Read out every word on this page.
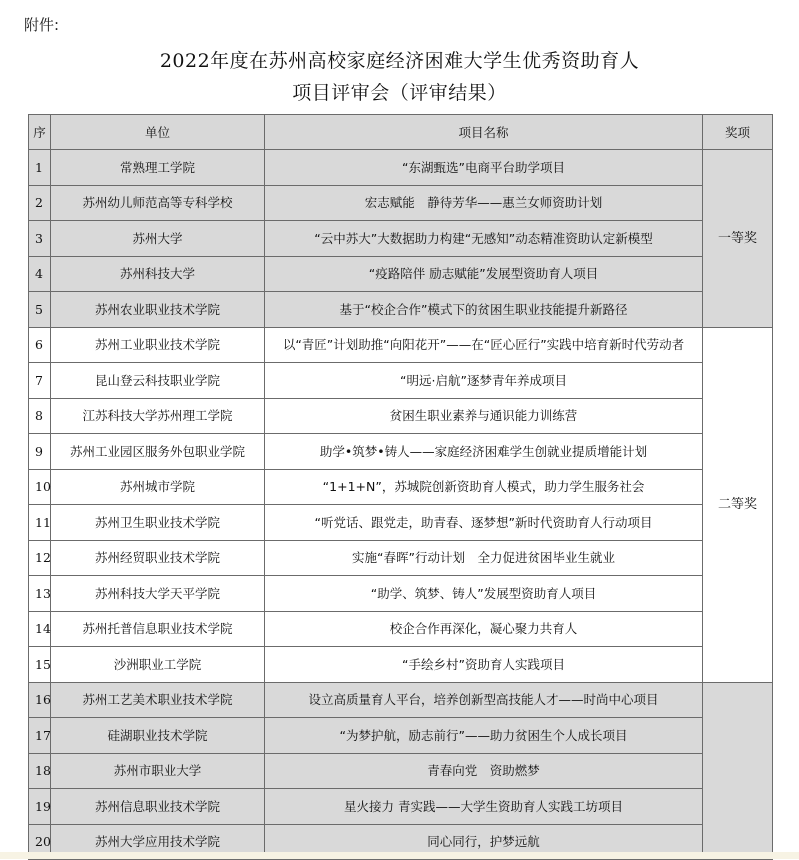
附件:
2022年度在苏州高校家庭经济困难大学生优秀资助育人
项目评审会（评审结果）
序	单位	项目名称	奖项
1	常熟理工学院	“东湖甄选”电商平台助学项目	一等奖
2	苏州幼儿师范高等专科学校	宏志赋能　静待芳华——惠兰女师资助计划	
3	苏州大学	“云中苏大”大数据助力构建“无感知”动态精准资助认定新模型	
4	苏州科技大学	“疫路陪伴 励志赋能”发展型资助育人项目	
5	苏州农业职业技术学院	基于“校企合作”模式下的贫困生职业技能提升新路径	
6	苏州工业职业技术学院	以“青匠”计划助推“向阳花开”——在“匠心匠行”实践中培育新时代劳动者	二等奖
7	昆山登云科技职业学院	“明远·启航”逐梦青年养成项目	
8	江苏科技大学苏州理工学院	贫困生职业素养与通识能力训练营	
9	苏州工业园区服务外包职业学院	助学•筑梦•铸人——家庭经济困难学生创就业提质增能计划	
10	苏州城市学院	“1+1+N”，苏城院创新资助育人模式，助力学生服务社会	
11	苏州卫生职业技术学院	“听党话、跟党走，助青春、逐梦想”新时代资助育人行动项目	
12	苏州经贸职业技术学院	实施“春晖”行动计划　全力促进贫困毕业生就业	
13	苏州科技大学天平学院	“助学、筑梦、铸人”发展型资助育人项目	
14	苏州托普信息职业技术学院	校企合作再深化，凝心聚力共育人	
15	沙洲职业工学院	“手绘乡村”资助育人实践项目	
16	苏州工艺美术职业技术学院	设立高质量育人平台，培养创新型高技能人才——时尚中心项目	
17	硅湖职业技术学院	“为梦护航，励志前行”——助力贫困生个人成长项目	
18	苏州市职业大学	青春向党　资助燃梦	
19	苏州信息职业技术学院	星火接力 青实践——大学生资助育人实践工坊项目	
20	苏州大学应用技术学院	同心同行，护梦远航	
